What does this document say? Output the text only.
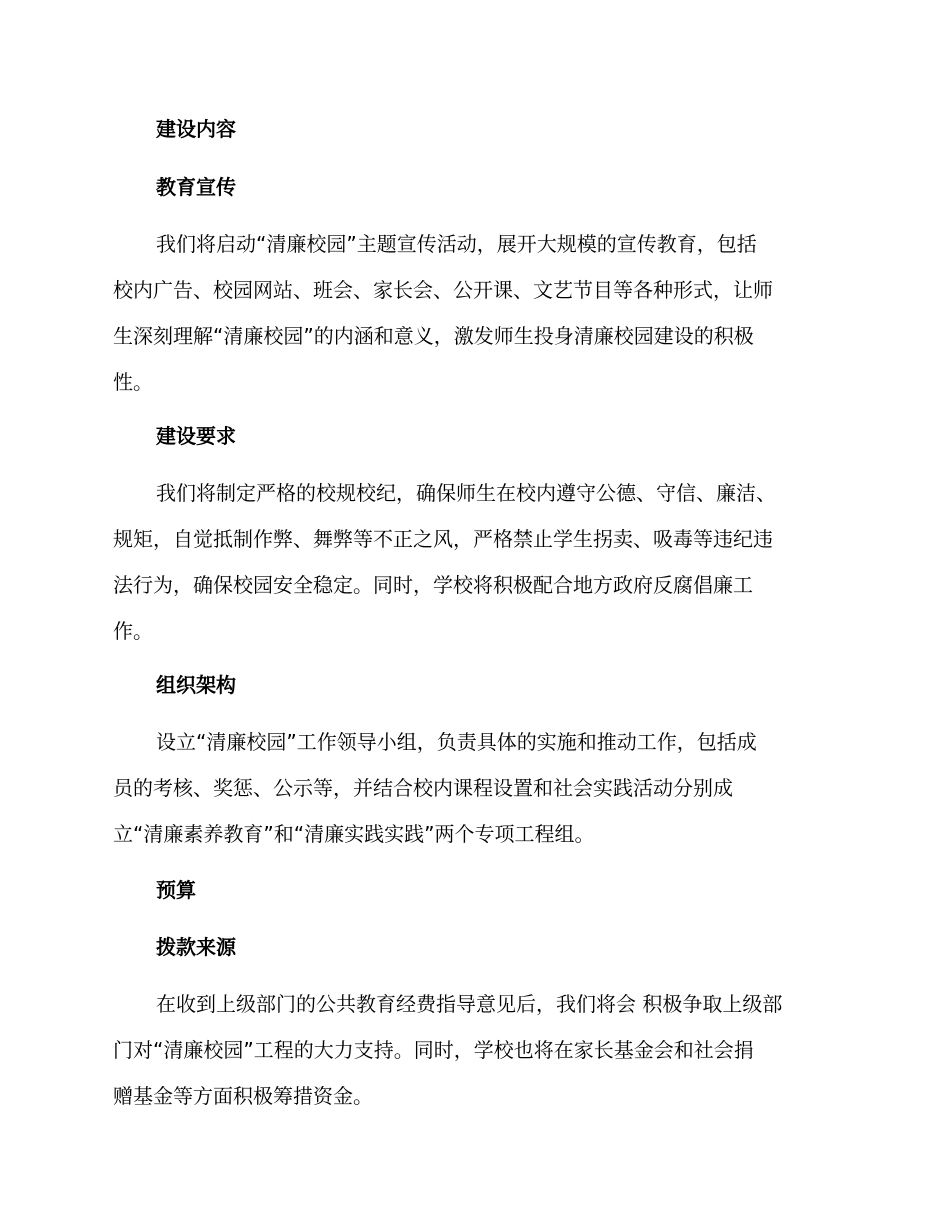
建设内容
教育宣传
我们将启动“清廉校园”主题宣传活动，展开大规模的宣传教育，包括
校内广告、校园网站、班会、家长会、公开课、文艺节目等各种形式，让师
生深刻理解“清廉校园”的内涵和意义，激发师生投身清廉校园建设的积极
性。
建设要求
我们将制定严格的校规校纪，确保师生在校内遵守公德、守信、廉洁、
规矩，自觉抵制作弊、舞弊等不正之风，严格禁止学生拐卖、吸毒等违纪违
法行为，确保校园安全稳定。同时，学校将积极配合地方政府反腐倡廉工
作。
组织架构
设立“清廉校园”工作领导小组，负责具体的实施和推动工作，包括成
员的考核、奖惩、公示等，并结合校内课程设置和社会实践活动分别成
立“清廉素养教育”和“清廉实践实践”两个专项工程组。
预算
拨款来源
在收到上级部门的公共教育经费指导意见后，我们将会 积极争取上级部
门对“清廉校园”工程的大力支持。同时，学校也将在家长基金会和社会捐
赠基金等方面积极筹措资金。
